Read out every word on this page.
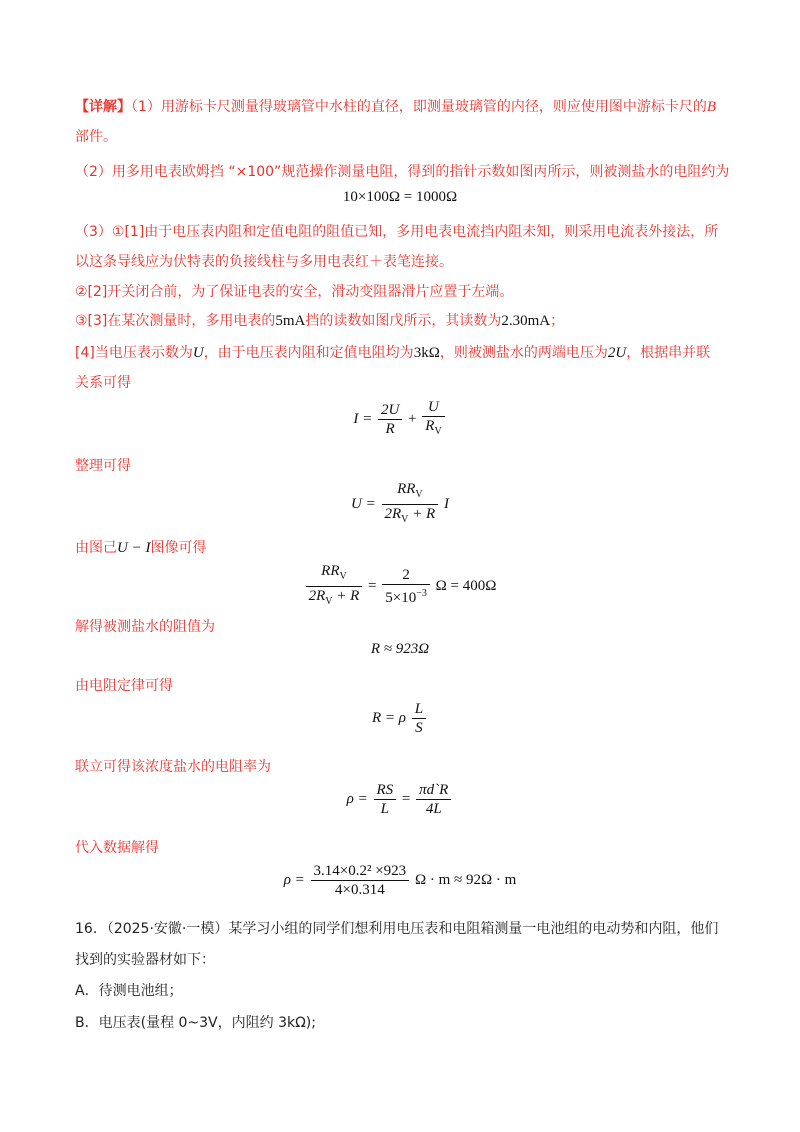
【详解】（1）用游标卡尺测量得玻璃管中水柱的直径，即测量玻璃管的内径，则应使用图中游标卡尺的B
部件。
（2）用多用电表欧姆挡 “×100”规范操作测量电阻，得到的指针示数如图丙所示，则被测盐水的电阻约为
10×100Ω = 1000Ω
（3）①[1]由于电压表内阻和定值电阻的阻值已知，多用电表电流挡内阻未知，则采用电流表外接法，所
以这条导线应为伏特表的负接线柱与多用电表红＋表笔连接。
②[2]开关闭合前，为了保证电表的安全，滑动变阻器滑片应置于左端。
③[3]在某次测量时，多用电表的5mA挡的读数如图戊所示，其读数为2.30mA；
[4]当电压表示数为U，由于电压表内阻和定值电阻均为3kΩ，则被测盐水的两端电压为2U，根据串并联
关系可得
$I = \frac{2U}{R} + \frac{U}{R_V}$
整理可得
$U = \frac{RR_V}{2R_V + R}$ I
由图己U − I图像可得
$\frac{RR_V}{2R_V + R} = \frac{2}{5\times 10^{-3}}$ Ω = 400Ω
解得被测盐水的阻值为
R ≈ 923Ω
由电阻定律可得
R = ρ $\frac{L}{S}$
联立可得该浓度盐水的电阻率为
$\rho = \frac{RS}{L} = \frac{\pi d`R}{4L}$
代入数据解得
$\rho = \frac{\text{3.14×0.2² ×923}}{4\times 0.314}$ Ω · m ≈ 92Ω · m
16．（2025·安徽·一模）某学习小组的同学们想利用电压表和电阻箱测量一电池组的电动势和内阻，他们
找到的实验器材如下：
A．待测电池组；
B．电压表(量程 0~3V，内阻约 3kΩ);
